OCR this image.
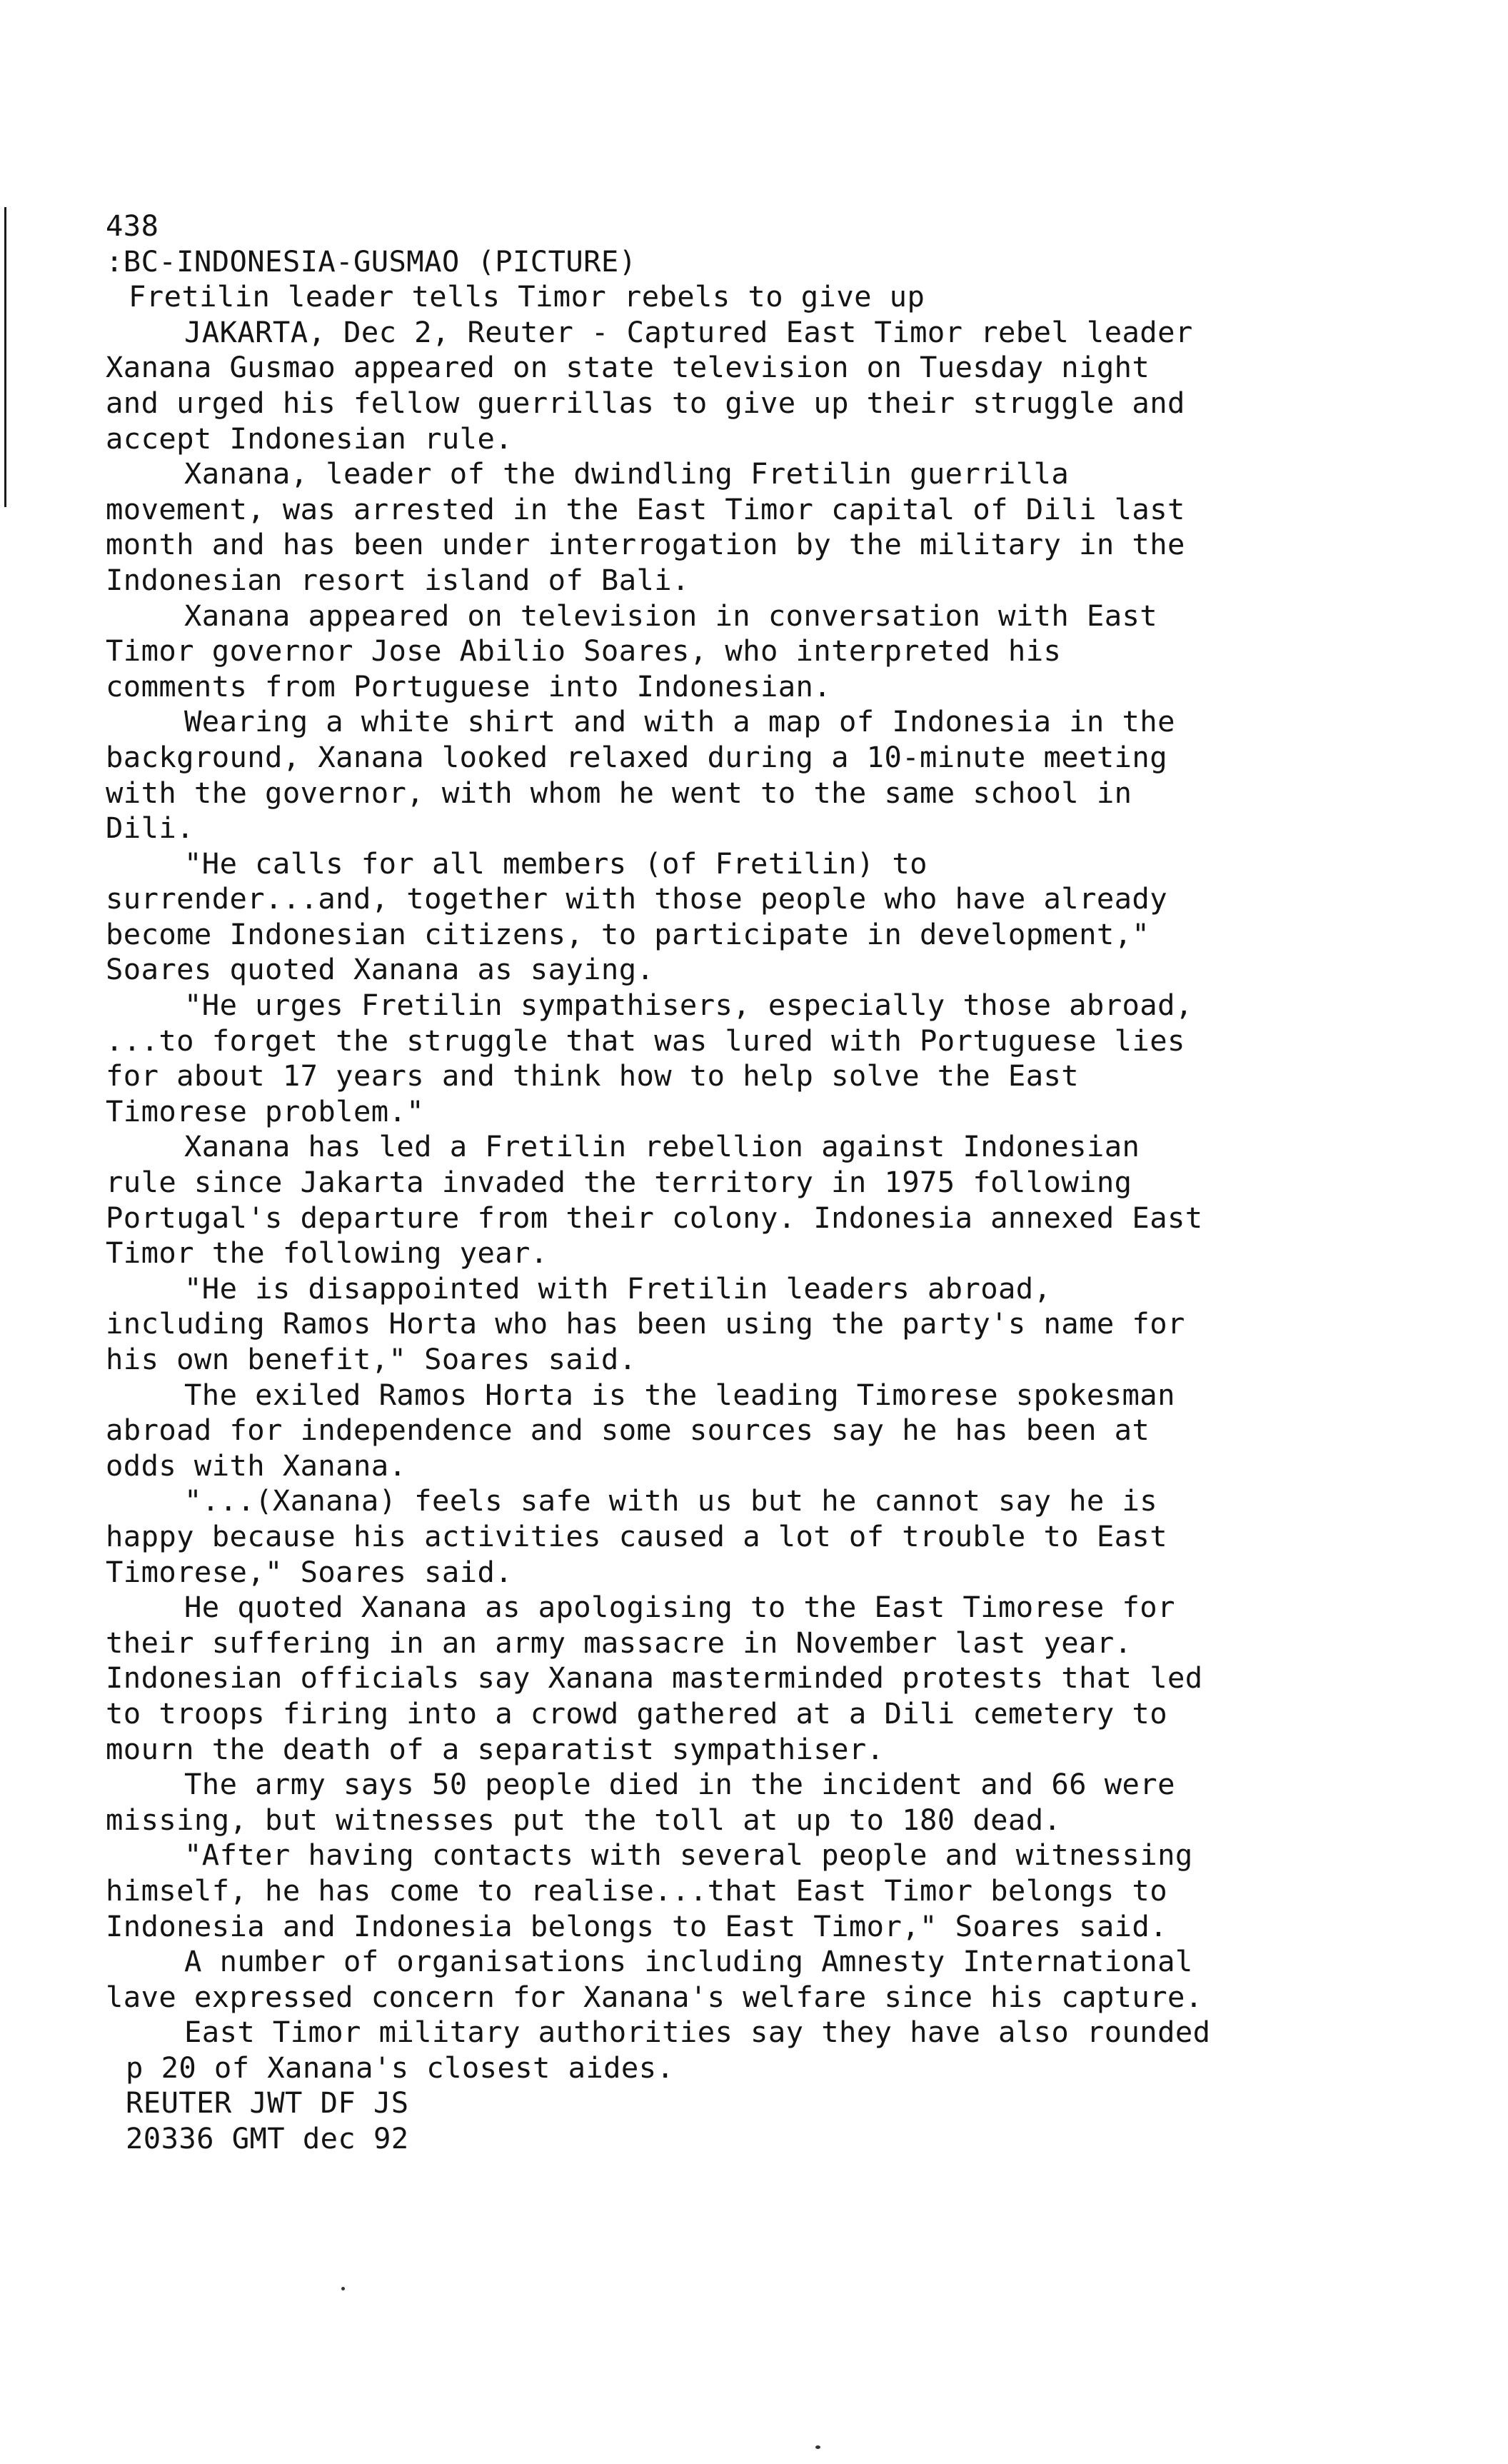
438
:BC-INDONESIA-GUSMAO (PICTURE)
Fretilin leader tells Timor rebels to give up
JAKARTA, Dec 2, Reuter - Captured East Timor rebel leader
Xanana Gusmao appeared on state television on Tuesday night
and urged his fellow guerrillas to give up their struggle and
accept Indonesian rule.
Xanana, leader of the dwindling Fretilin guerrilla
movement, was arrested in the East Timor capital of Dili last
month and has been under interrogation by the military in the
Indonesian resort island of Bali.
Xanana appeared on television in conversation with East
Timor governor Jose Abilio Soares, who interpreted his
comments from Portuguese into Indonesian.
Wearing a white shirt and with a map of Indonesia in the
background, Xanana looked relaxed during a 10-minute meeting
with the governor, with whom he went to the same school in
Dili.
"He calls for all members (of Fretilin) to
surrender...and, together with those people who have already
become Indonesian citizens, to participate in development,"
Soares quoted Xanana as saying.
"He urges Fretilin sympathisers, especially those abroad,
...to forget the struggle that was lured with Portuguese lies
for about 17 years and think how to help solve the East
Timorese problem."
Xanana has led a Fretilin rebellion against Indonesian
rule since Jakarta invaded the territory in 1975 following
Portugal's departure from their colony. Indonesia annexed East
Timor the following year.
"He is disappointed with Fretilin leaders abroad,
including Ramos Horta who has been using the party's name for
his own benefit," Soares said.
The exiled Ramos Horta is the leading Timorese spokesman
abroad for independence and some sources say he has been at
odds with Xanana.
"...(Xanana) feels safe with us but he cannot say he is
happy because his activities caused a lot of trouble to East
Timorese," Soares said.
He quoted Xanana as apologising to the East Timorese for
their suffering in an army massacre in November last year.
Indonesian officials say Xanana masterminded protests that led
to troops firing into a crowd gathered at a Dili cemetery to
mourn the death of a separatist sympathiser.
The army says 50 people died in the incident and 66 were
missing, but witnesses put the toll at up to 180 dead.
"After having contacts with several people and witnessing
himself, he has come to realise...that East Timor belongs to
Indonesia and Indonesia belongs to East Timor," Soares said.
A number of organisations including Amnesty International
lave expressed concern for Xanana's welfare since his capture.
East Timor military authorities say they have also rounded
p 20 of Xanana's closest aides.
REUTER JWT DF JS
20336 GMT dec 92
